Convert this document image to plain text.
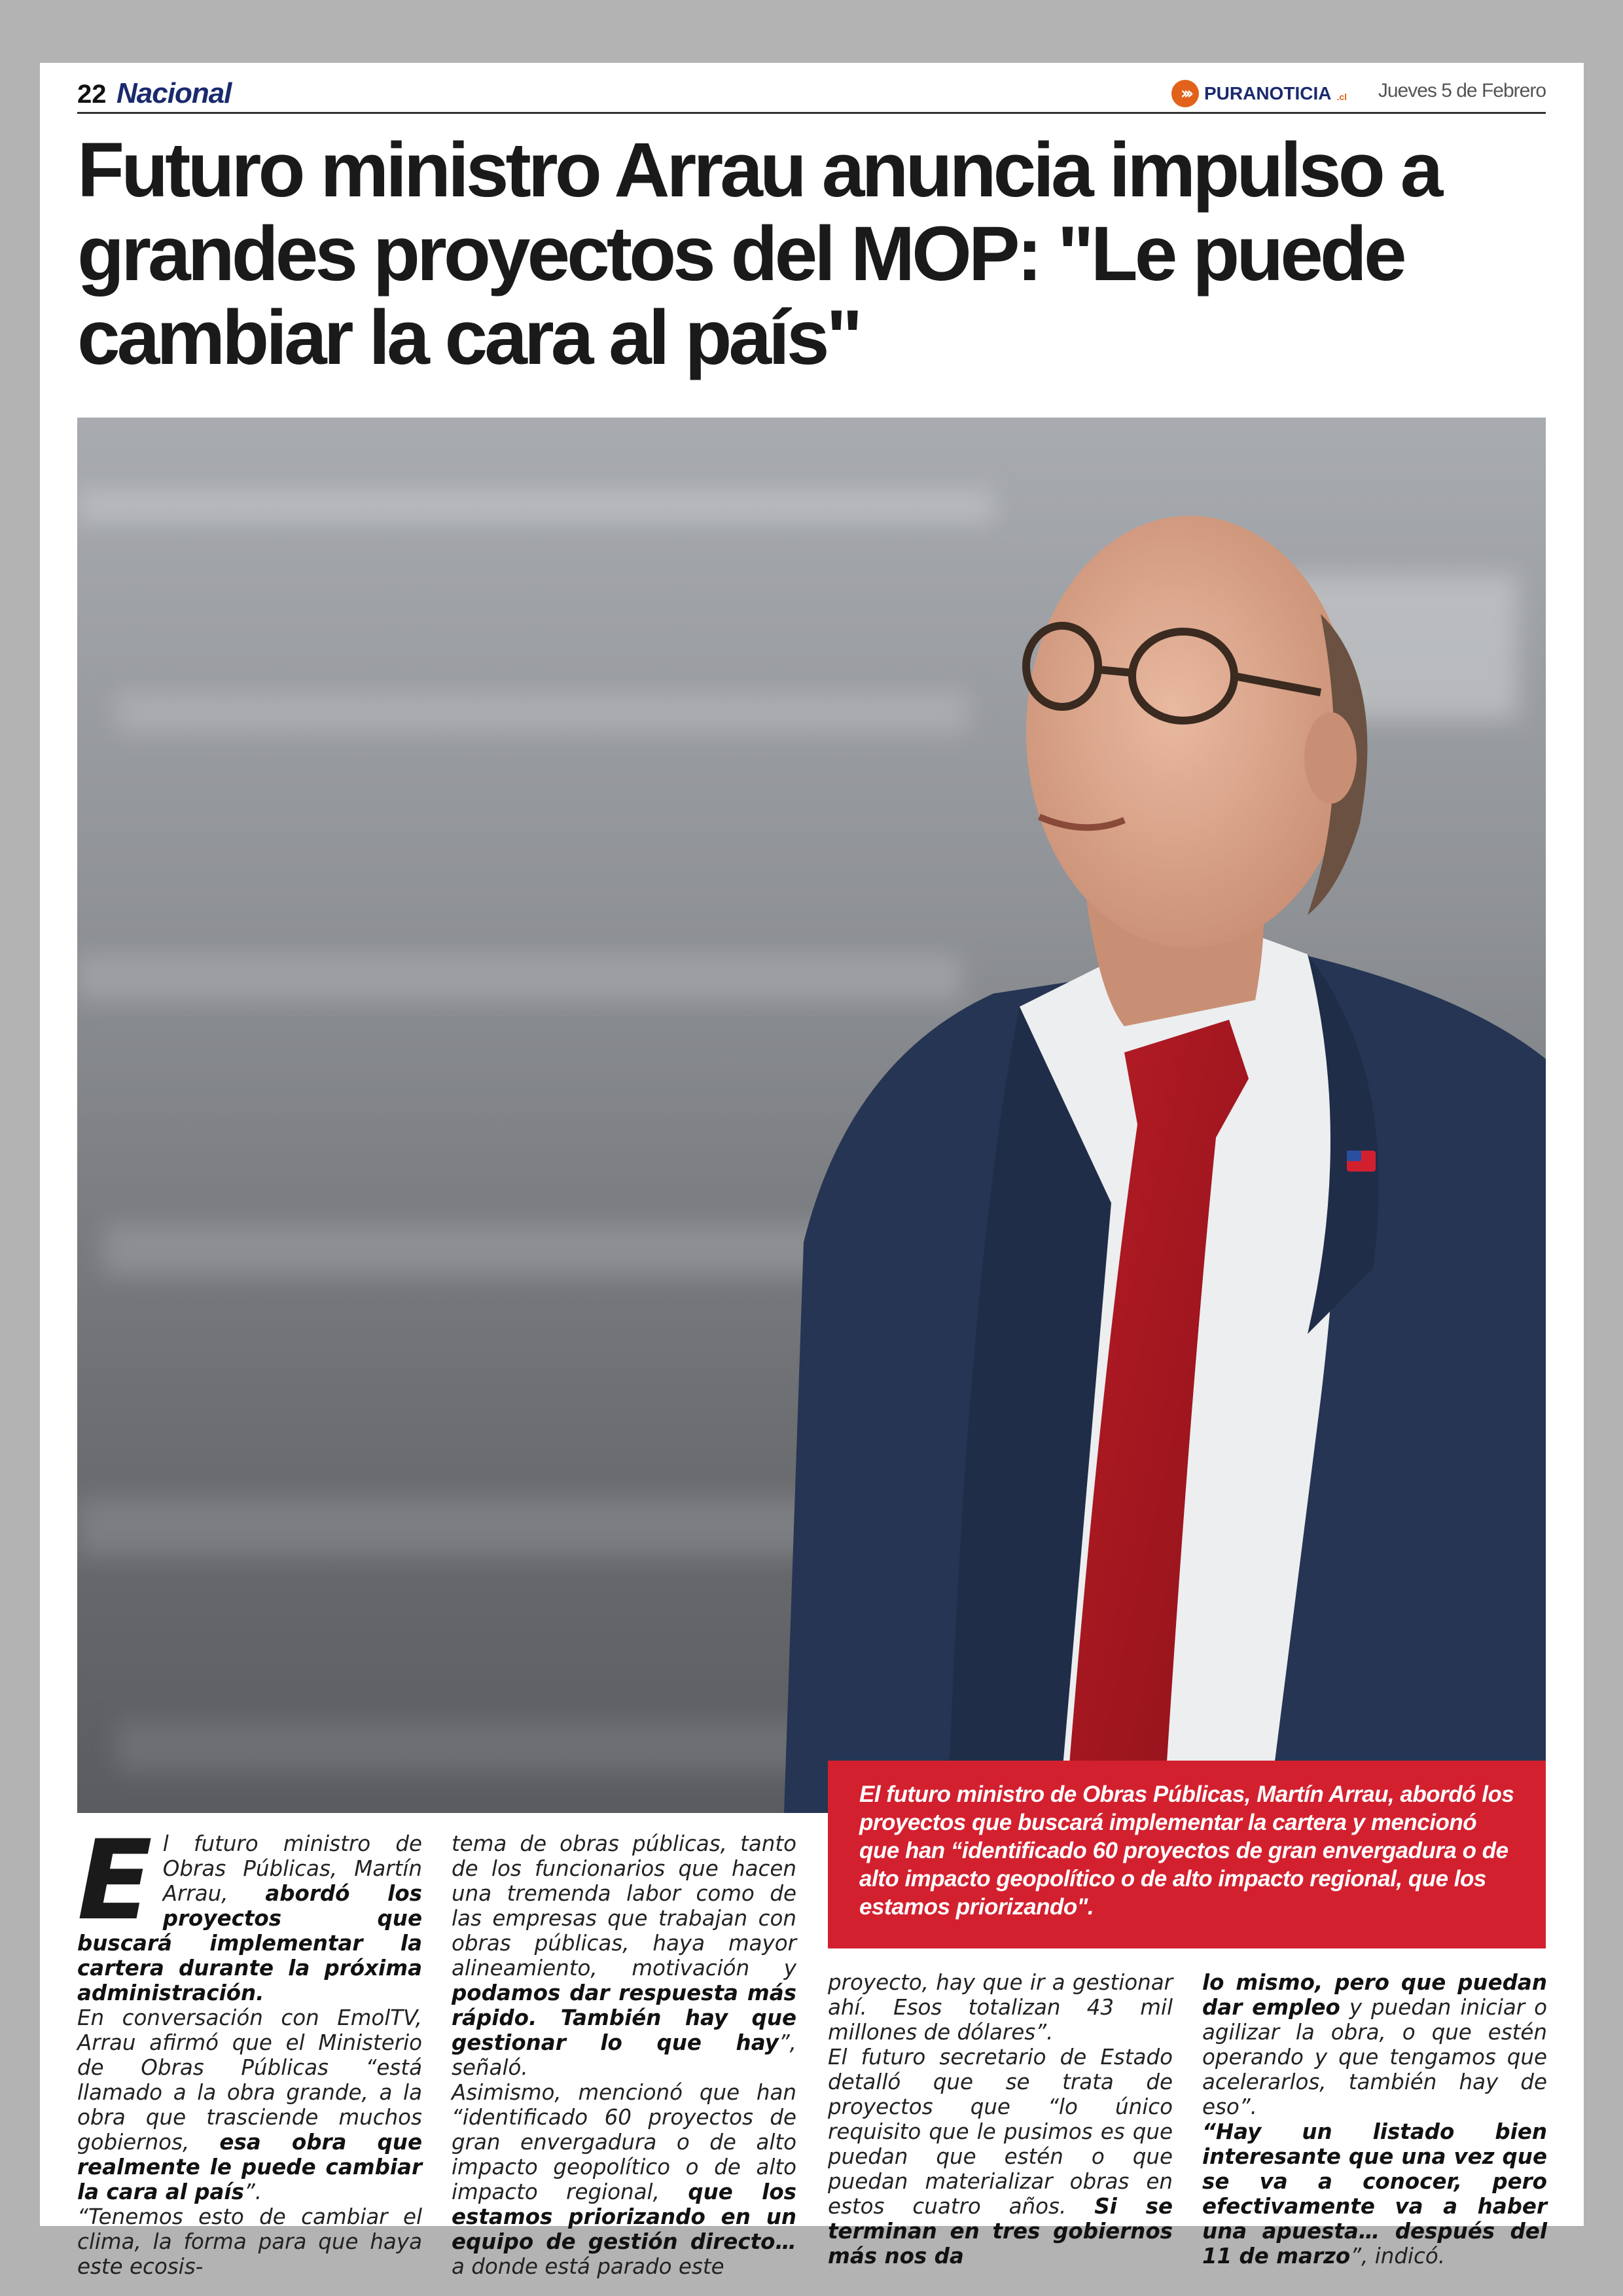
22 Nacional	››› PURANOTICIA .cl Jueves 5 de Febrero
Futuro ministro Arrau anuncia impulso a grandes proyectos del MOP: "Le puede cambiar la cara al país"
El futuro ministro de Obras Públicas, Martín Arrau, abordó los proyectos que buscará implementar la cartera y mencionó que han “identificado 60 proyectos de gran envergadura o de alto impacto geopolítico o de alto impacto regional, que los estamos priorizando".
E l futuro ministro de Obras Públicas, Martín Arrau, abordó los proyectos que buscará implementar la cartera durante la próxima administración.

En conversación con EmolTV, Arrau afirmó que el Ministerio de Obras Públicas “está llamado a la obra grande, a la obra que trasciende muchos gobiernos, esa obra que realmente le puede cambiar la cara al país”.

“Tenemos esto de cambiar el clima, la forma para que haya este ecosis-

tema de obras públicas, tanto de los funcionarios que hacen una tremenda labor como de las empresas que trabajan con obras públicas, haya mayor alineamiento, motivación y podamos dar respuesta más rápido. También hay que gestionar lo que hay”, señaló.

Asimismo, mencionó que han “identificado 60 proyectos de gran envergadura o de alto impacto geopolítico o de alto impacto regional, que los estamos priorizando en un equipo de gestión directo… a donde está parado este

proyecto, hay que ir a gestionar ahí. Esos totalizan 43 mil millones de dólares”.

El futuro secretario de Estado detalló que se trata de proyectos que “lo único requisito que le pusimos es que puedan que estén o que puedan materializar obras en estos cuatro años. Si se terminan en tres gobiernos más nos da

lo mismo, pero que puedan dar empleo y puedan iniciar o agilizar la obra, o que estén operando y que tengamos que acelerarlos, también hay de eso”.

“Hay un listado bien interesante que una vez que se va a conocer, pero efectivamente va a haber una apuesta… después del 11 de marzo”, indicó.
